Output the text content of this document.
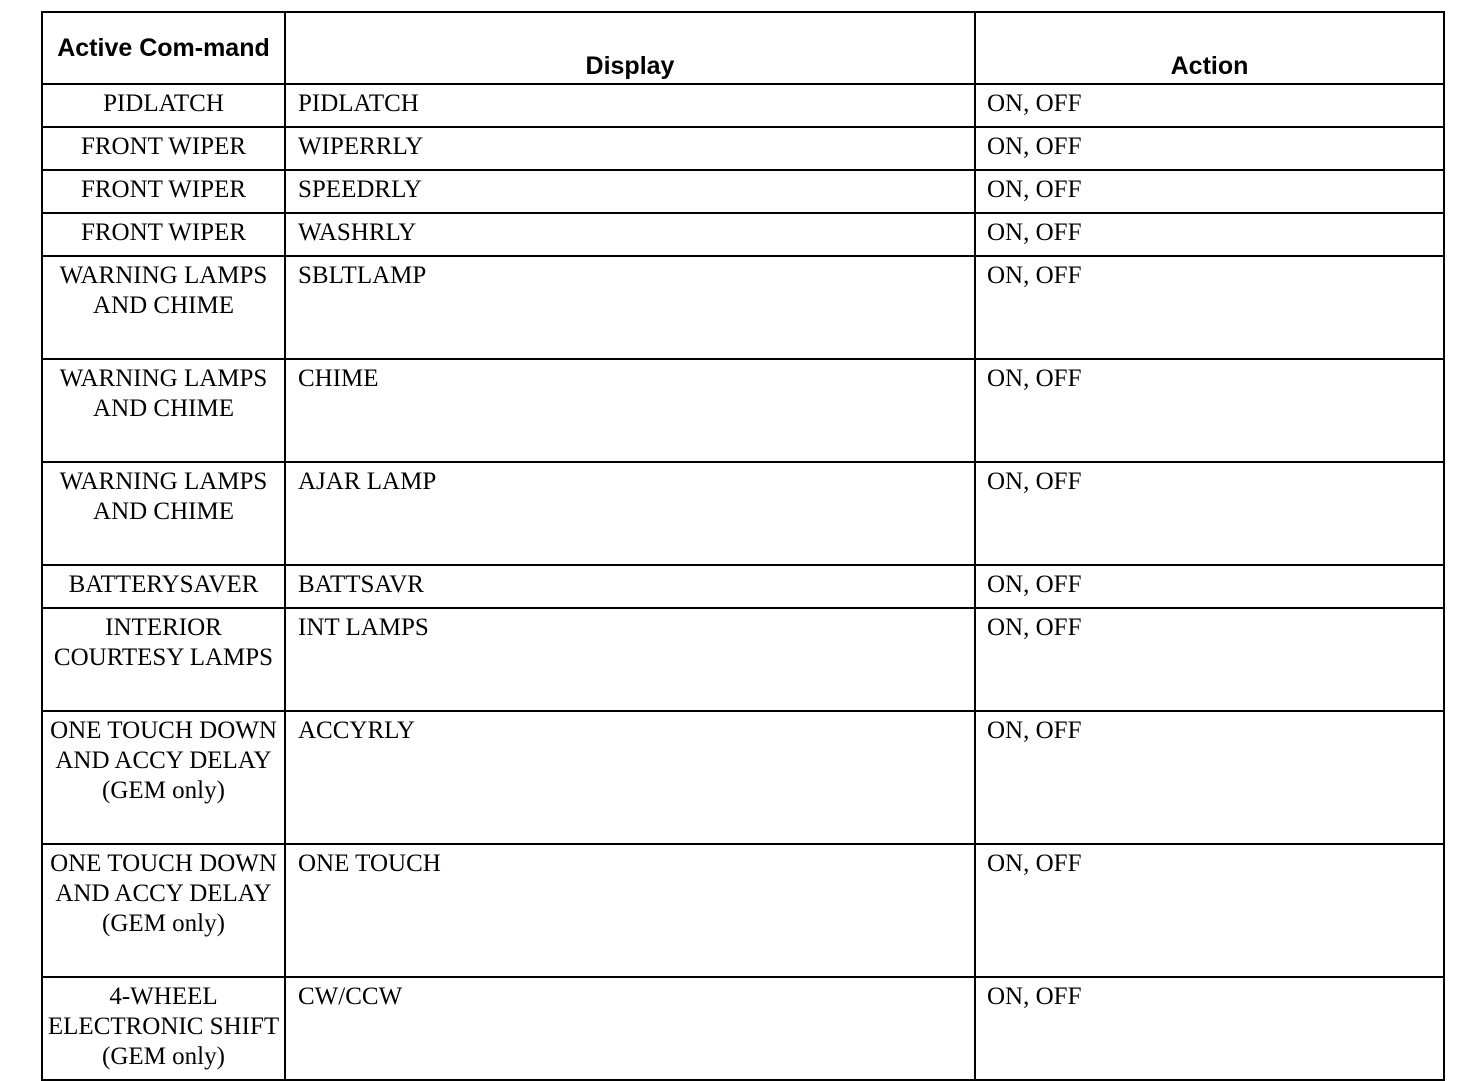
Active Com-mand	Display	Action
PIDLATCH	PIDLATCH	ON, OFF
FRONT WIPER	WIPERRLY	ON, OFF
FRONT WIPER	SPEEDRLY	ON, OFF
FRONT WIPER	WASHRLY	ON, OFF
WARNING LAMPS AND CHIME	SBLTLAMP	ON, OFF
WARNING LAMPS AND CHIME	CHIME	ON, OFF
WARNING LAMPS AND CHIME	AJAR LAMP	ON, OFF
BATTERYSAVER	BATTSAVR	ON, OFF
INTERIOR COURTESY LAMPS	INT LAMPS	ON, OFF
ONE TOUCH DOWN AND ACCY DELAY (GEM only)	ACCYRLY	ON, OFF
ONE TOUCH DOWN AND ACCY DELAY (GEM only)	ONE TOUCH	ON, OFF
4-WHEEL ELECTRONIC SHIFT (GEM only)	CW/CCW	ON, OFF
